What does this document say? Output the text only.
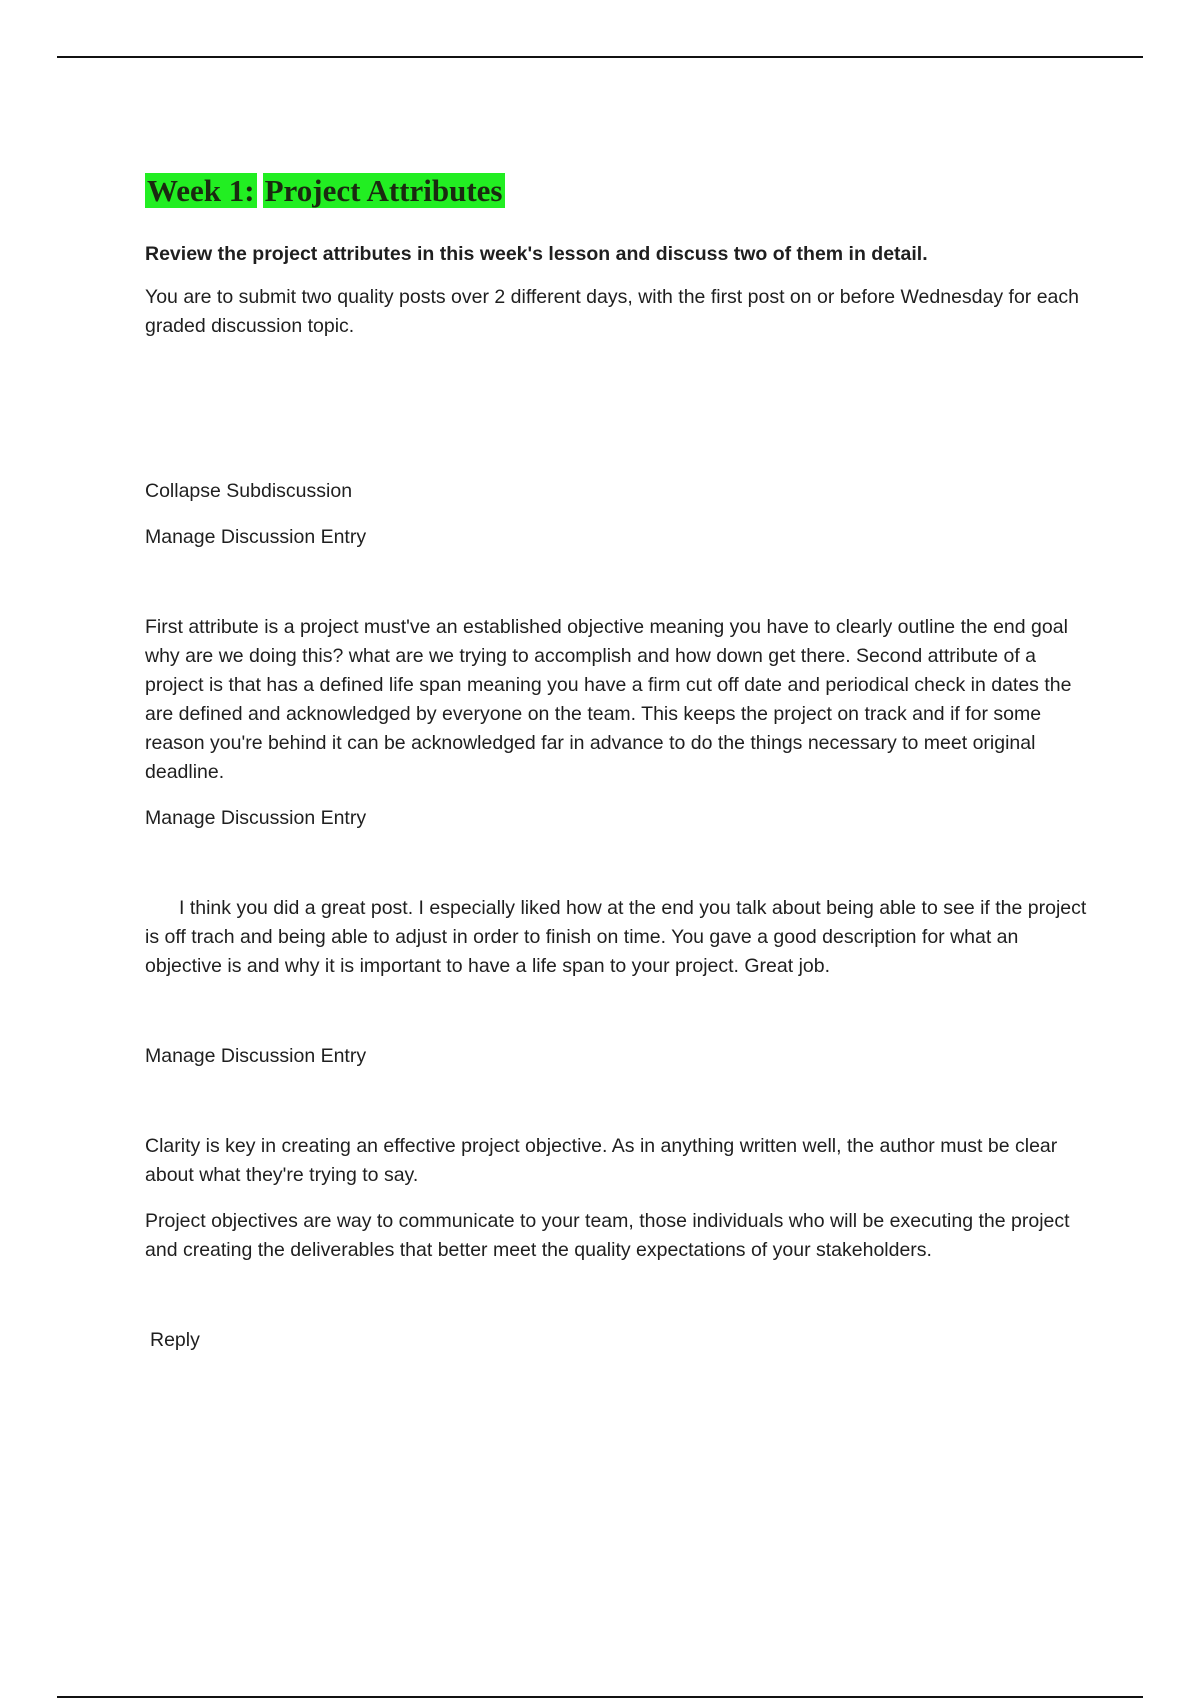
Week 1: Project Attributes

Review the project attributes in this week's lesson and discuss two of them in detail.

You are to submit two quality posts over 2 different days, with the first post on or before Wednesday for each graded discussion topic.

Collapse Subdiscussion
Manage Discussion Entry

First attribute is a project must've an established objective meaning you have to clearly outline the end goal why are we doing this? what are we trying to accomplish and how down get there. Second attribute of a project is that has a defined life span meaning you have a firm cut off date and periodical check in dates the are defined and acknowledged by everyone on the team. This keeps the project on track and if for some reason you're behind it can be acknowledged far in advance to do the things necessary to meet original deadline.

Manage Discussion Entry

I think you did a great post. I especially liked how at the end you talk about being able to see if the project is off trach and being able to adjust in order to finish on time. You gave a good description for what an objective is and why it is important to have a life span to your project. Great job.

Manage Discussion Entry

Clarity is key in creating an effective project objective. As in anything written well, the author must be clear about what they're trying to say.

Project objectives are way to communicate to your team, those individuals who will be executing the project and creating the deliverables that better meet the quality expectations of your stakeholders.

Reply
